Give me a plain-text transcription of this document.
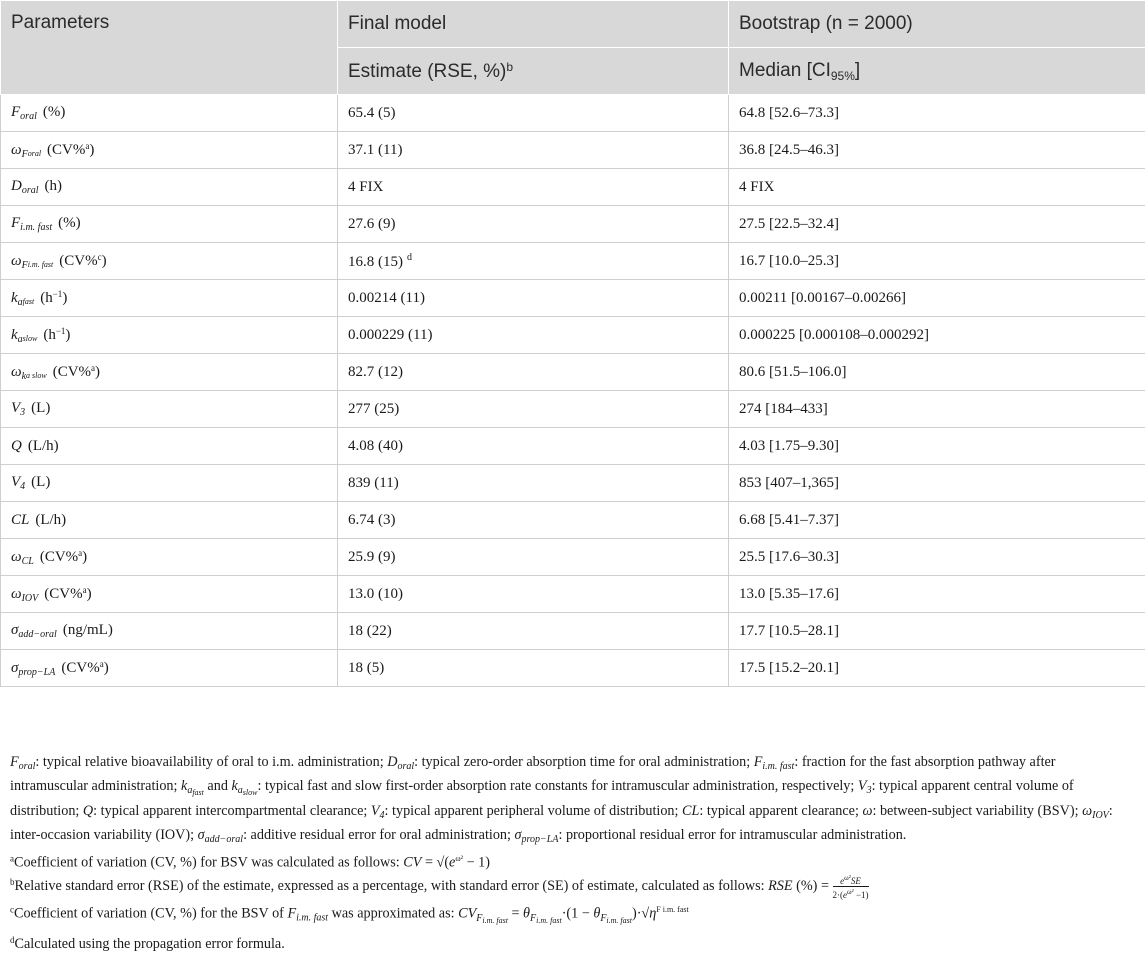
Parameters	Final model	Bootstrap (n = 2000)
	Estimate (RSE, %)$^b$	Median $[CI_{95\%}]$
$F_{oral}$ (%)	65.4 (5)	64.8 [52.6–73.3]
$\omega_Foral$ (CV%$^a$)	37.1 (11)	36.8 [24.5–46.3]
$D_{oral}$ (h)	4 FIX	4 FIX
$F_{i.m. fast}$ (%)	27.6 (9)	27.5 [22.5–32.4]
$\omega_Fi.m$. fast (CV%$^c$)	16.8 (15) $^d$	16.7 [10.0–25.3]
$k_afast$ $(h^{-1})$	0.00214 (11)	0.00211 [0.00167–0.00266]
$k_aslow$ $(h^{-1})$	0.000229 (11)	0.000225 [0.000108–0.000292]
$\omega_ka$ slow (CV%$^a$)	82.7 (12)	80.6 [51.5–106.0]
$V_3$ (L)	277 (25)	274 [184–433]
Q (L/h)	4.08 (40)	4.03 [1.75–9.30]
$V_4$ (L)	839 (11)	853 [407–1,365]
CL (L/h)	6.74 (3)	6.68 [5.41–7.37]
$\omega_{CL}$ (CV%$^a$)	25.9 (9)	25.5 [17.6–30.3]
$\omega_{IOV}$ (CV%$^a$)	13.0 (10)	13.0 [5.35–17.6]
$\sigma_{add-oral}$ (ng/mL)	18 (22)	17.7 [10.5–28.1]
$\sigma_{prop-LA}$ (CV%$^a$)	18 (5)	17.5 [15.2–20.1]

$F_{oral}$: typical relative bioavailability of oral to i.m. administration; $D_{oral}$: typical zero-order absorption time for oral administration; $F_{i.m. fast}$: fraction for the fast absorption pathway after intramuscular administration; $k_{a_{fast}}$ and $k_{a_{slow}}$: typical fast and slow first-order absorption rate constants for intramuscular administration, respectively; $V_3$: typical apparent central volume of distribution; Q: typical apparent intercompartmental clearance; $V_4$: typical apparent peripheral volume of distribution; CL: typical apparent clearance; ω: between-subject variability (BSV); $\omega_{IOV}$: inter-occasion variability (IOV); $\sigma_{add-oral}$: additive residual error for oral administration; $\sigma_{prop-LA}$: proportional residual error for intramuscular administration.

$^a$Coefficient of variation (CV, %) for BSV was calculated as follows: CV = $√(e^{\omega^2} - 1)$

$^b$Relative standard error (RSE) of the estimate, expressed as a percentage, with standard error (SE) of estimate, calculated as follows: RSE (%) = $\frac{e^{\omega^2}SE}{2\cdot(e^{\omega^2} -1)}$

$^c$Coefficient of variation (CV, %) for the BSV of $F_{i.m. fast}$ was approximated as: $CV_{F_{i.m. fast}} = \theta_{F_{i.m. fast}}\cdot(1 - \theta_{F_{i.m. fast}})\cdot√\eta^{F i.m. fast}$

$^d$Calculated using the propagation error formula.
